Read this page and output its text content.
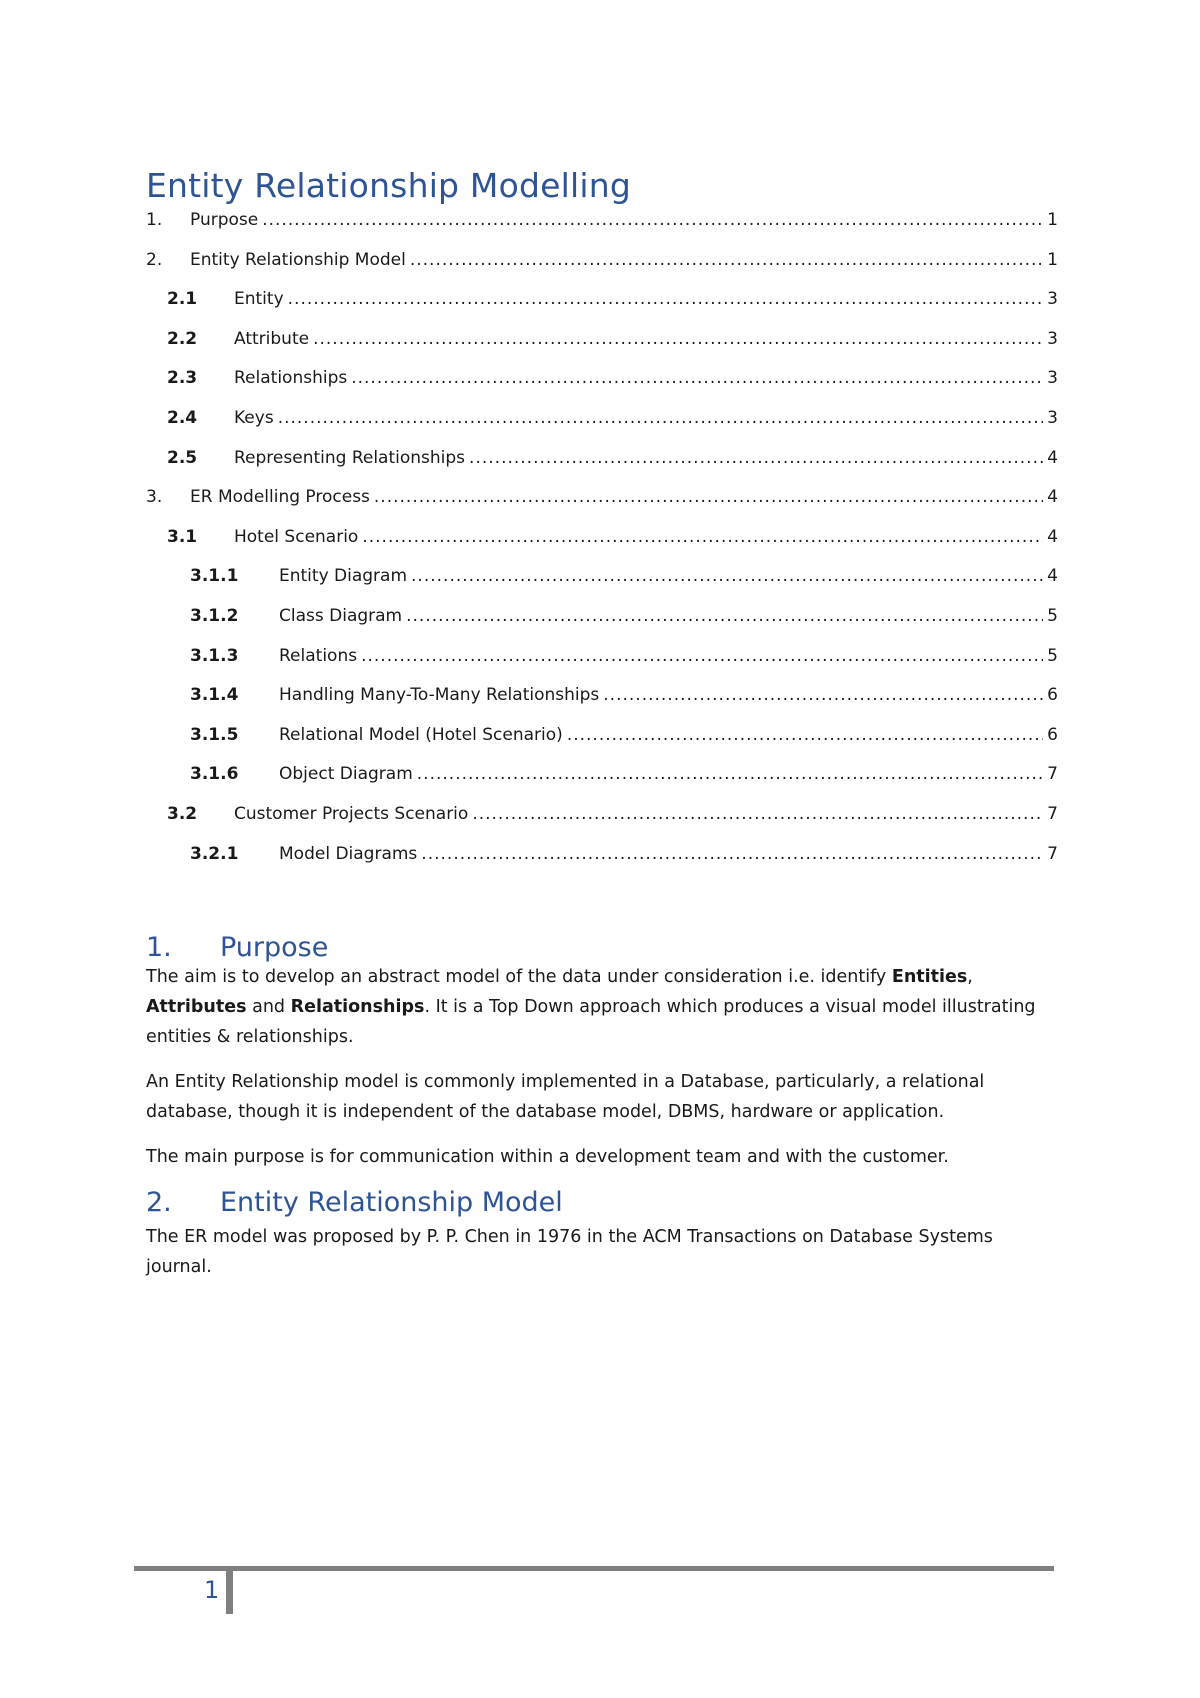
Entity Relationship Modelling
1. Purpose .....	1
2. Entity Relationship Model .....	1
2.1 Entity .....	3
2.2 Attribute .....	3
2.3 Relationships .....	3
2.4 Keys .....	3
2.5 Representing Relationships .....	4
3. ER Modelling Process .....	4
3.1 Hotel Scenario .....	4
3.1.1 Entity Diagram .....	4
3.1.2 Class Diagram .....	5
3.1.3 Relations .....	5
3.1.4 Handling Many-To-Many Relationships .....	6
3.1.5 Relational Model (Hotel Scenario) .....	6
3.1.6 Object Diagram .....	7
3.2 Customer Projects Scenario .....	7
3.2.1 Model Diagrams .....	7
1. Purpose

The aim is to develop an abstract model of the data under consideration i.e. identify Entities,
Attributes and Relationships. It is a Top Down approach which produces a visual model illustrating entities & relationships.

An Entity Relationship model is commonly implemented in a Database, particularly, a relational database, though it is independent of the database model, DBMS, hardware or application.

The main purpose is for communication within a development team and with the customer.

2. Entity Relationship Model

The ER model was proposed by P. P. Chen in 1976 in the ACM Transactions on Database Systems journal.

1
